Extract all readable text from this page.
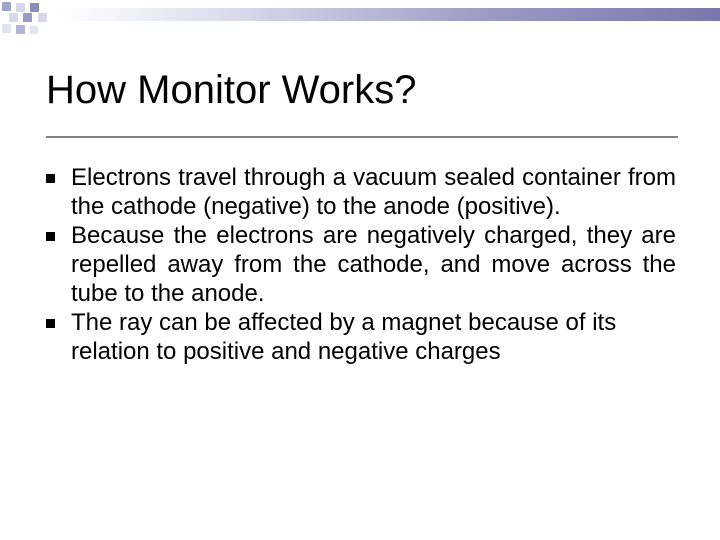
How Monitor Works?
Electrons travel through a vacuum sealed container from the cathode (negative) to the anode (positive).
Because the electrons are negatively charged, they are repelled away from the cathode, and move across the tube to the anode.
The ray can be affected by a magnet because of its relation to positive and negative charges
